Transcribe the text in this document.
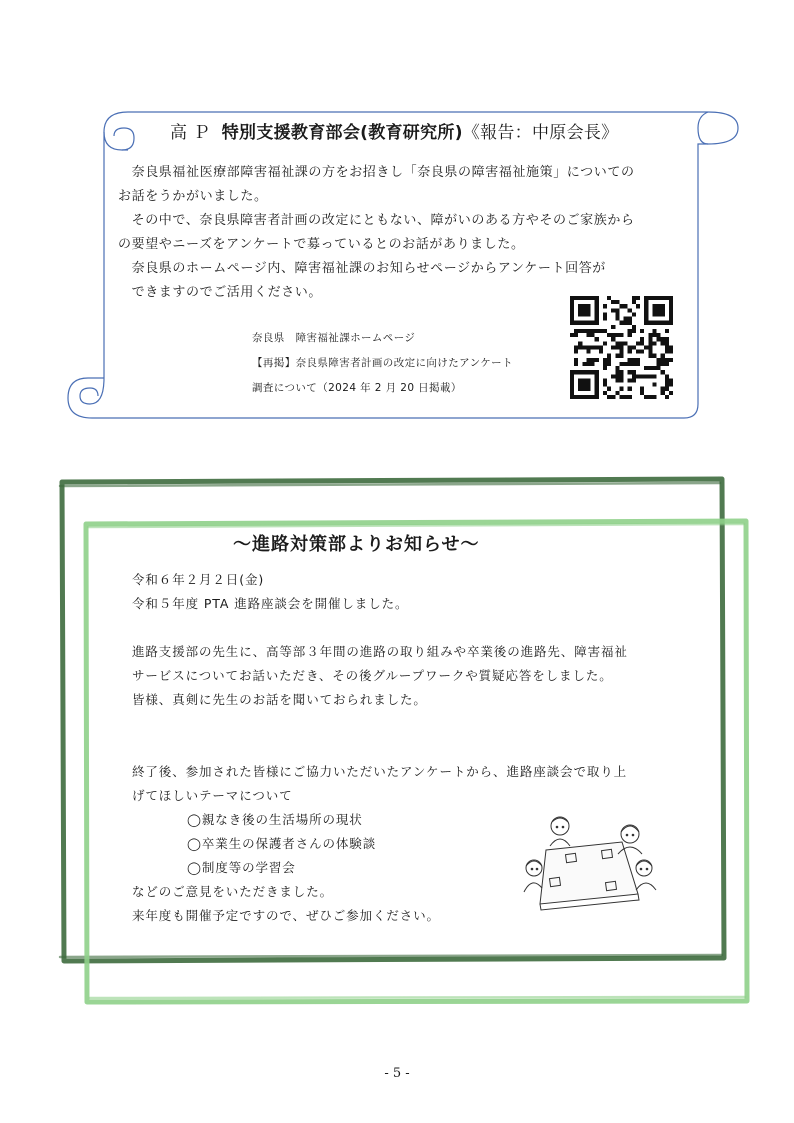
高 Ｐ 特別支援教育部会(教育研究所)《報告：中原会長》

　奈良県福祉医療部障害福祉課の方をお招きし「奈良県の障害福祉施策」についての

お話をうかがいました。

　その中で、奈良県障害者計画の改定にともない、障がいのある方やそのご家族から

の要望やニーズをアンケートで募っているとのお話がありました。

　奈良県のホームページ内、障害福祉課のお知らせページからアンケート回答が

　できますのでご活用ください。

奈良県　障害福祉課ホームページ
【再掲】奈良県障害者計画の改定に向けたアンケート
調査について（2024 年 2 月 20 日掲載）
～進路対策部よりお知らせ～

令和６年２月２日(金)

令和５年度 PTA 進路座談会を開催しました。

進路支援部の先生に、高等部３年間の進路の取り組みや卒業後の進路先、障害福祉

サービスについてお話いただき、その後グループワークや質疑応答をしました。

皆様、真剣に先生のお話を聞いておられました。

終了後、参加された皆様にご協力いただいたアンケートから、進路座談会で取り上

げてほしいテーマについて

◯親なき後の生活場所の現状

◯卒業生の保護者さんの体験談

◯制度等の学習会

などのご意見をいただきました。

来年度も開催予定ですので、ぜひご参加ください。

- 5 -
